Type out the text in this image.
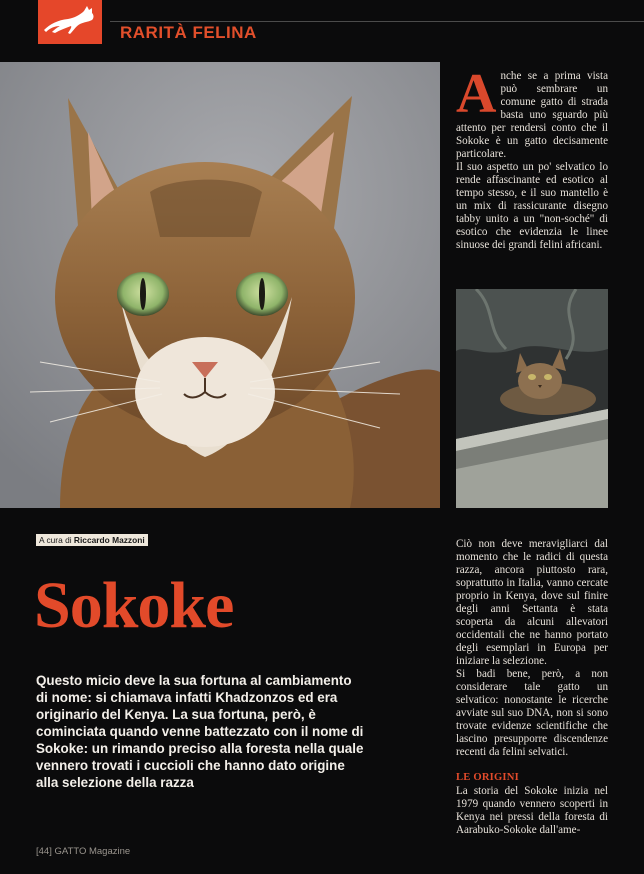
RARITÀ FELINA
A nche se a prima vista può sembrare un comune gatto di strada basta uno sguardo più attento per rendersi conto che il Sokoke è un gatto decisamente particolare.

Il suo aspetto un po' selvatico lo rende affascinante ed esotico al tempo stesso, e il suo mantello è un mix di rassicurante disegno tabby unito a un "non-soché" di esotico che evidenzia le linee sinuose dei grandi felini africani.

A cura di Riccardo Mazzoni
Sokoke
Questo micio deve la sua fortuna al cambiamento di nome: si chiamava infatti Khadzonzos ed era originario del Kenya. La sua fortuna, però, è cominciata quando venne battezzato con il nome di Sokoke: un rimando preciso alla foresta nella quale vennero trovati i cuccioli che hanno dato origine alla selezione della razza

Ciò non deve meravigliarci dal momento che le radici di questa razza, ancora piuttosto rara, soprattutto in Italia, vanno cercate proprio in Kenya, dove sul finire degli anni Settanta è stata scoperta da alcuni allevatori occidentali che ne hanno portato degli esemplari in Europa per iniziare la selezione.

Si badi bene, però, a non considerare tale gatto un selvatico: nonostante le ricerche avviate sul suo DNA, non si sono trovate evidenze scientifiche che lascino presupporre discendenze recenti da felini selvatici.

LE ORIGINI

La storia del Sokoke inizia nel 1979 quando vennero scoperti in Kenya nei pressi della foresta di Aarabuko-Sokoke dall'ame-

[44] GATTO Magazine
